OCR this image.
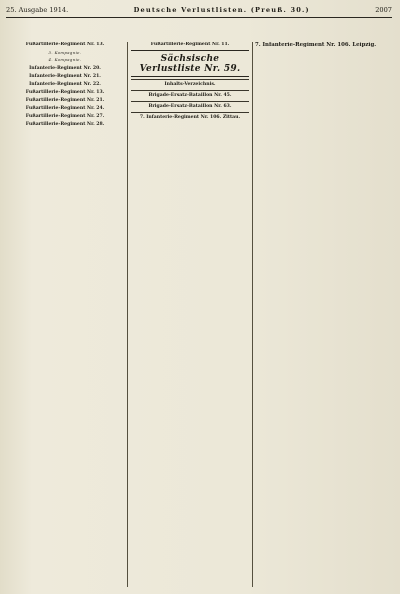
25. Ausgabe 1914.	Deutsche Verlustlisten. (Preuß. 30.)	2007
Fußartillerie-Regiment Nr. 13.
3. Kompagnie.
4. Kompagnie.
Infanterie-Regiment Nr. 20.
Infanterie-Regiment Nr. 21.
Infanterie-Regiment Nr. 22.
Fußartillerie-Regiment Nr. 13.
Fußartillerie-Regiment Nr. 21.
Fußartillerie-Regiment Nr. 24.
Fußartillerie-Regiment Nr. 27.
Fußartillerie-Regiment Nr. 28.
Fußartillerie-Regiment Nr. 11.
Sächsische Verlustliste Nr. 59.
Inhalts-Verzeichnis.
Brigade-Ersatz-Bataillon Nr. 45.
Brigade-Ersatz-Bataillon Nr. 63.
7. Infanterie-Regiment Nr. 106. Zittau.
7. Infanterie-Regiment Nr. 106. Leipzig.
